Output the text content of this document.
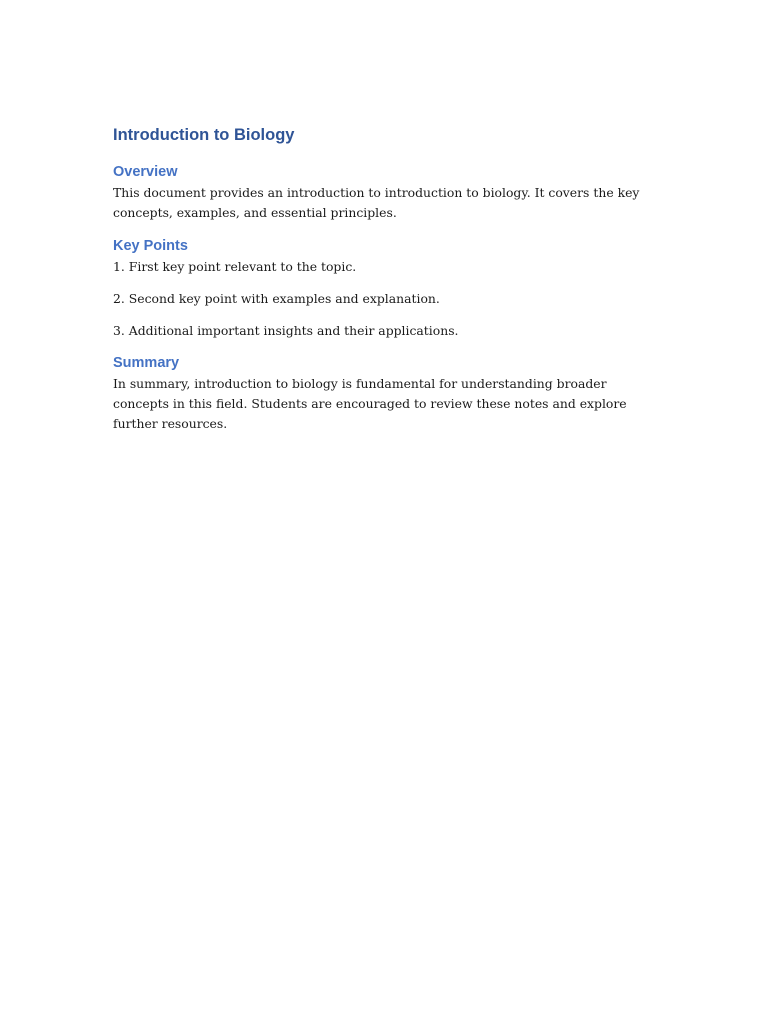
Introduction to Biology
Overview

This document provides an introduction to introduction to biology. It covers the key concepts, examples, and essential principles.

Key Points
1. First key point relevant to the topic.
2. Second key point with examples and explanation.
3. Additional important insights and their applications.
Summary

In summary, introduction to biology is fundamental for understanding broader concepts in this field. Students are encouraged to review these notes and explore further resources.
